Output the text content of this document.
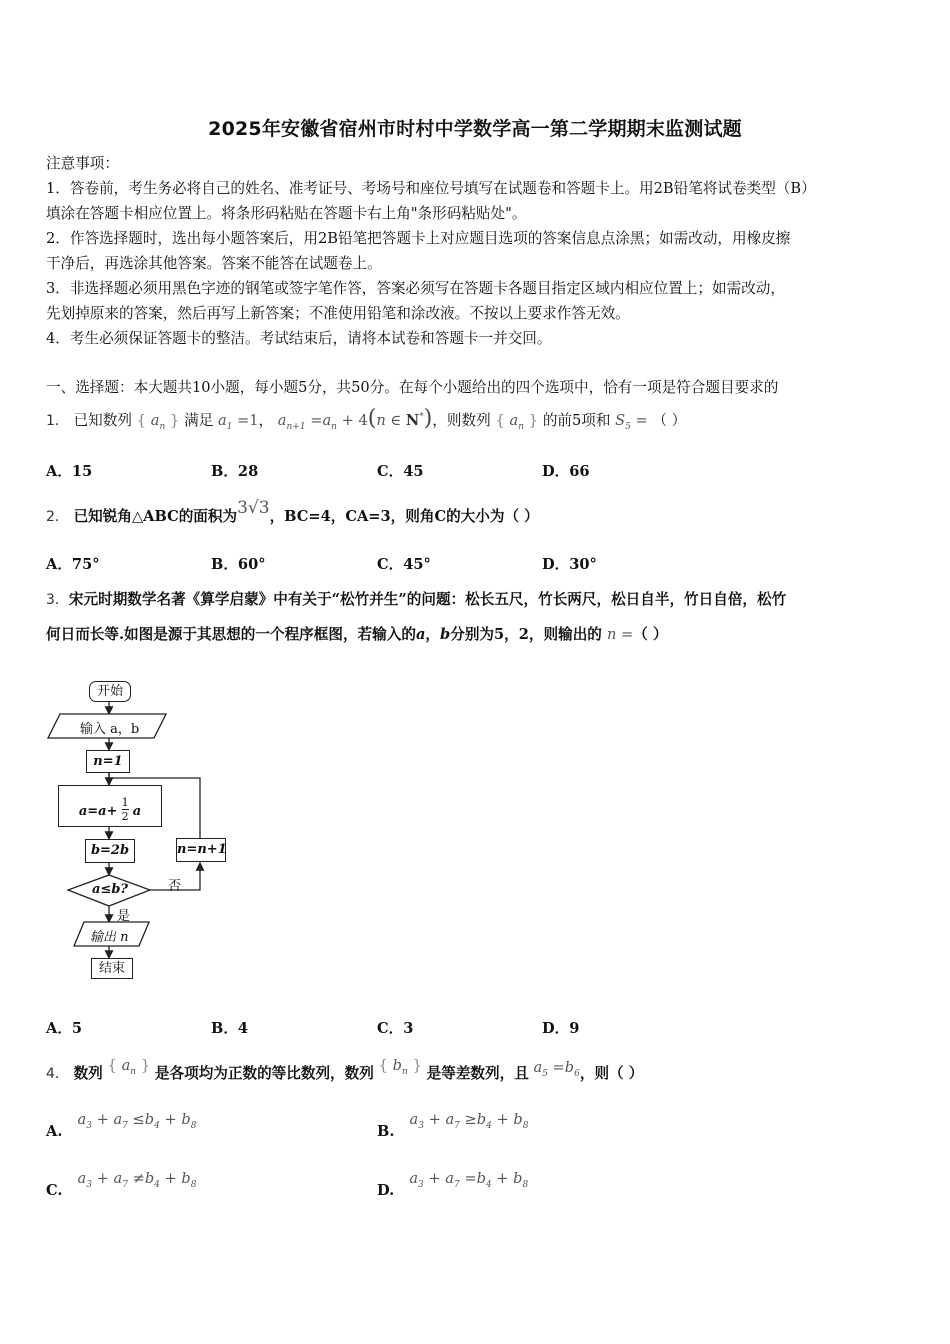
2025年安徽省宿州市时村中学数学高一第二学期期末监测试题
注意事项：
1．答卷前，考生务必将自己的姓名、准考证号、考场号和座位号填写在试题卷和答题卡上。用2B铅笔将试卷类型（B）
填涂在答题卡相应位置上。将条形码粘贴在答题卡右上角"条形码粘贴处"。
2．作答选择题时，选出每小题答案后，用2B铅笔把答题卡上对应题目选项的答案信息点涂黑；如需改动，用橡皮擦
干净后，再选涂其他答案。答案不能答在试题卷上。
3．非选择题必须用黑色字迹的钢笔或签字笔作答，答案必须写在答题卡各题目指定区域内相应位置上；如需改动，
先划掉原来的答案，然后再写上新答案；不准使用铅笔和涂改液。不按以上要求作答无效。
4．考生必须保证答题卡的整洁。考试结束后，请将本试卷和答题卡一并交回。
一、选择题：本大题共10小题，每小题5分，共50分。在每个小题给出的四个选项中，恰有一项是符合题目要求的
1． 已知数列 { $a_n$ } 满足 $a_1 =1$， $a_{n+1} =a_n + 4(n$ ∈ N*)，则数列 { $a_n$ } 的前5项和 $S_5$ = （ ）
A．15	B．28	C．45	D．66
2． 已知锐角△ABC的面积为3√3，BC=4，CA=3，则角C的大小为（ ）
A．75°	B．60°	C．45°	D．30°
3．宋元时期数学名著《算学启蒙》中有关于“松竹并生”的问题：松长五尺，竹长两尺，松日自半，竹日自倍，松竹
何日而长等.如图是源于其思想的一个程序框图，若输入的a，b分别为5，2，则输出的 n =（ ）
开始
输入 a，b
n=1
$a=a+ \frac{1}{2}$ a
b=2b	n=n+1
a≤b?	否
是
输出 n
结束
A．5	B．4	C．3	D．9
4． 数列 { $a_n$ } 是各项均为正数的等比数列，数列 { $b_n$ } 是等差数列，且 $a_5 =b_6$，则（ ）
A. $a_3 + a_7 \le b_4 + b_8$	B. $a_3 + a_7 \ge b_4 + b_8$
C. $a_3 + a_7 \ne b_4 + b_8$	D. $a_3 + a_7 =b_4 + b_8$
